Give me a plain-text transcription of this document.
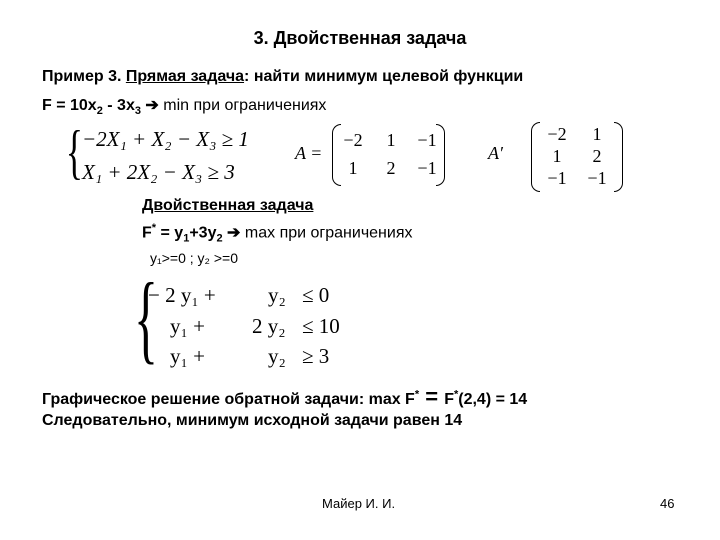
3. Двойственная задача
Пример 3. Прямая задача: найти минимум целевой функции
$F = 10x_2 - 3x_3$ ➔ min при ограничениях
{
−2X₁ + X₂ − X₃ ≥ 1
X₁ + 2X₂ − X₃ ≥ 3
A =
−2	1	−1
1	2	−1
A′
−2	1
1	2
−1	−1
Двойственная задача
$F^* = y_1+3y_2$ ➔ max при ограничениях
y₁>=0 ; y₂ >=0
{
− 2 y₁ + y₂ ≤ 0
y₁ + 2 y₂ ≤ 10
y₁ +	y₂ ≥ 3
Графическое решение обратной задачи: max F* = F*(2,4) = 14
Следовательно, минимум исходной задачи равен 14
Майер И. И.	46
